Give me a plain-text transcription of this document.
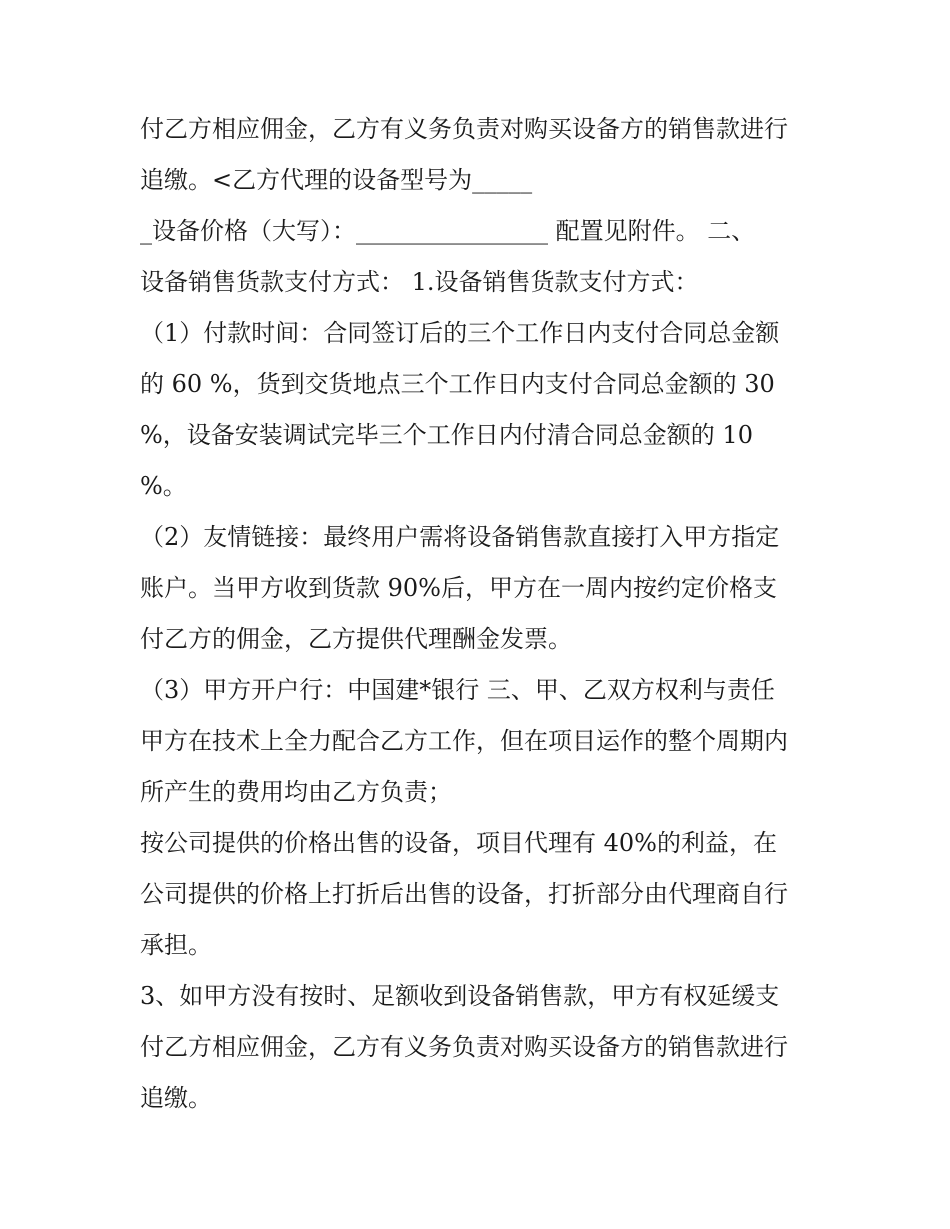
付乙方相应佣金，乙方有义务负责对购买设备方的销售款进行
追缴。<乙方代理的设备型号为_____
_设备价格（大写）：________________ 配置见附件。 二、
设备销售货款支付方式： 1.设备销售货款支付方式：
（1）付款时间：合同签订后的三个工作日内支付合同总金额
的 60 %，货到交货地点三个工作日内支付合同总金额的 30
%，设备安装调试完毕三个工作日内付清合同总金额的 10
%。
（2）友情链接：最终用户需将设备销售款直接打入甲方指定
账户。当甲方收到货款 90%后，甲方在一周内按约定价格支
付乙方的佣金，乙方提供代理酬金发票。
（3）甲方开户行：中国建*银行 三、甲、乙双方权利与责任
甲方在技术上全力配合乙方工作，但在项目运作的整个周期内
所产生的费用均由乙方负责；
按公司提供的价格出售的设备，项目代理有 40%的利益，在
公司提供的价格上打折后出售的设备，打折部分由代理商自行
承担。
3、如甲方没有按时、足额收到设备销售款，甲方有权延缓支
付乙方相应佣金，乙方有义务负责对购买设备方的销售款进行
追缴。
